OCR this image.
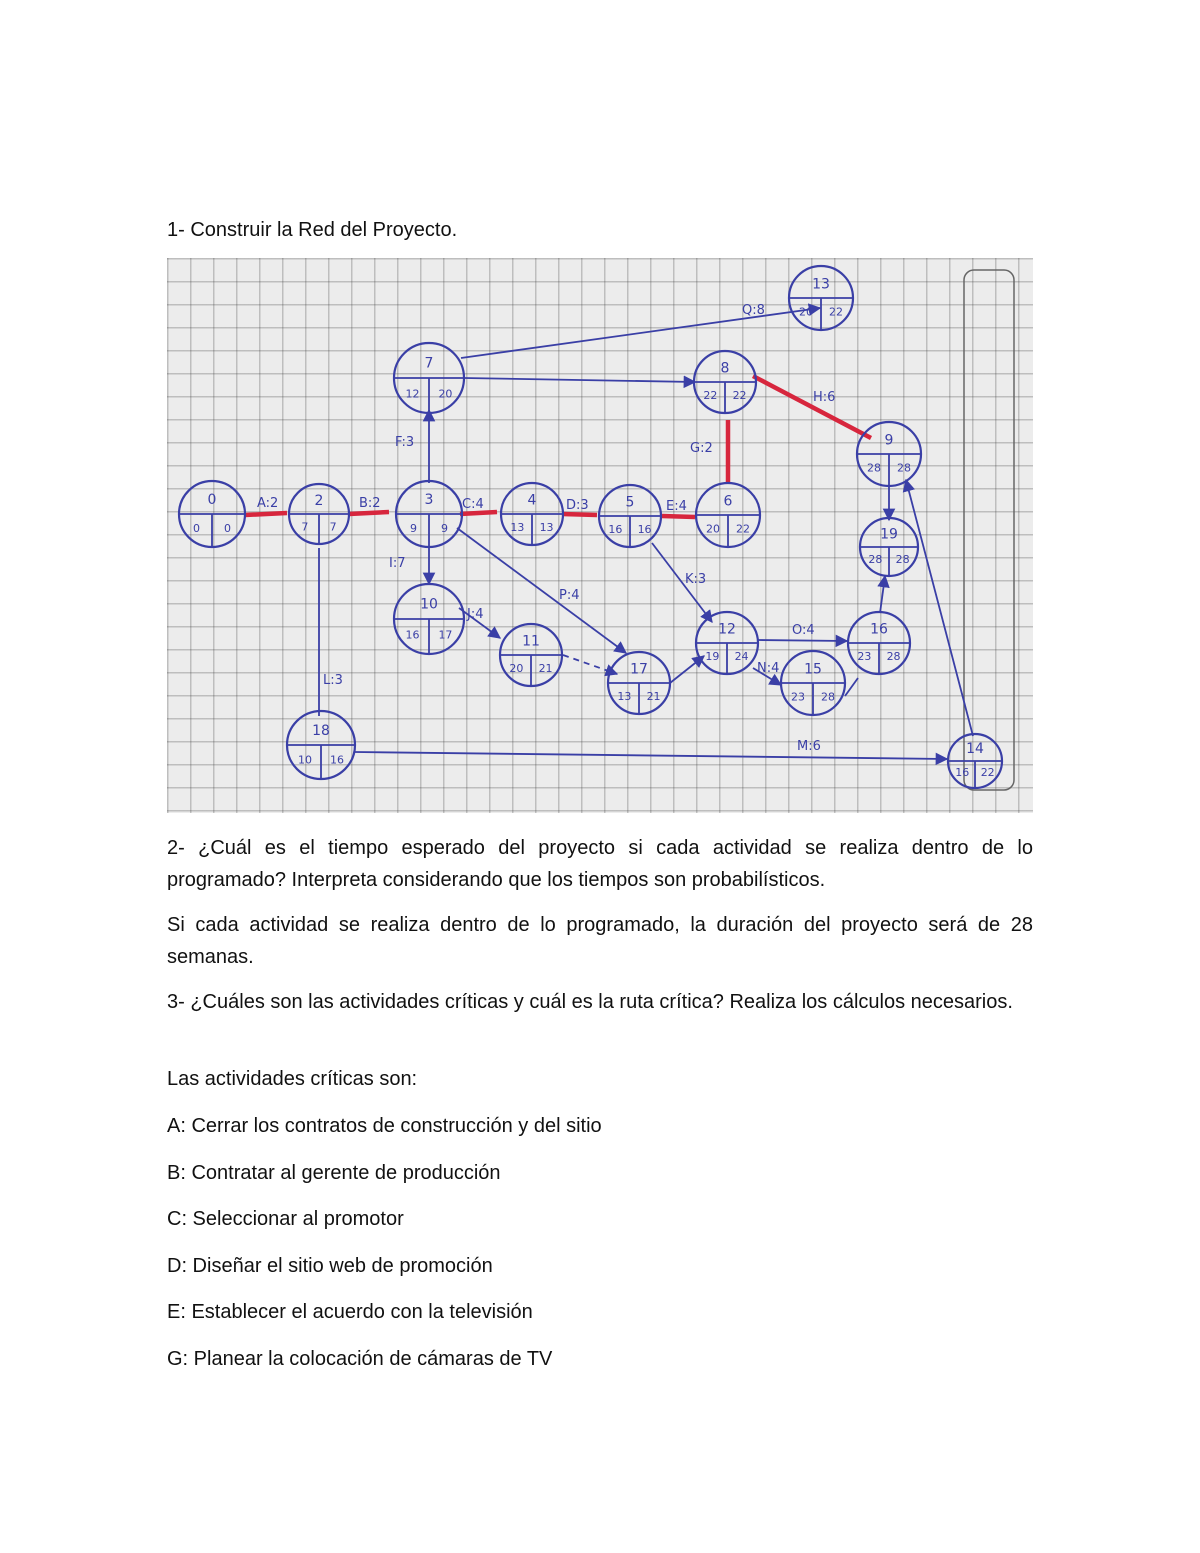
1- Construir la Red del Proyecto.

A:2	B:2	C:4	D:3	E:4
F:3	G:2
H:6
I:7
J:4
K:3
L:3
M:6
N:4
O:4
P:4
Q:8
0
0 0
2
7 7
3
9 9
4
13 13
5
16 16
6
20 22
7
12 20
8
22 22
9
28 28
10
16 17	11
20 21
12
19 24
13
20 22
14
16 22
15
23 28
16
23 28
17
13 21
18
10 16
19
28 28

2- ¿Cuál es el tiempo esperado del proyecto si cada actividad se realiza dentro de lo programado? Interpreta considerando que los tiempos son probabilísticos.

Si cada actividad se realiza dentro de lo programado, la duración del proyecto será de 28 semanas.

3- ¿Cuáles son las actividades críticas y cuál es la ruta crítica? Realiza los cálculos necesarios.

Las actividades críticas son:

A: Cerrar los contratos de construcción y del sitio

B: Contratar al gerente de producción

C: Seleccionar al promotor

D: Diseñar el sitio web de promoción

E: Establecer el acuerdo con la televisión

G: Planear la colocación de cámaras de TV
